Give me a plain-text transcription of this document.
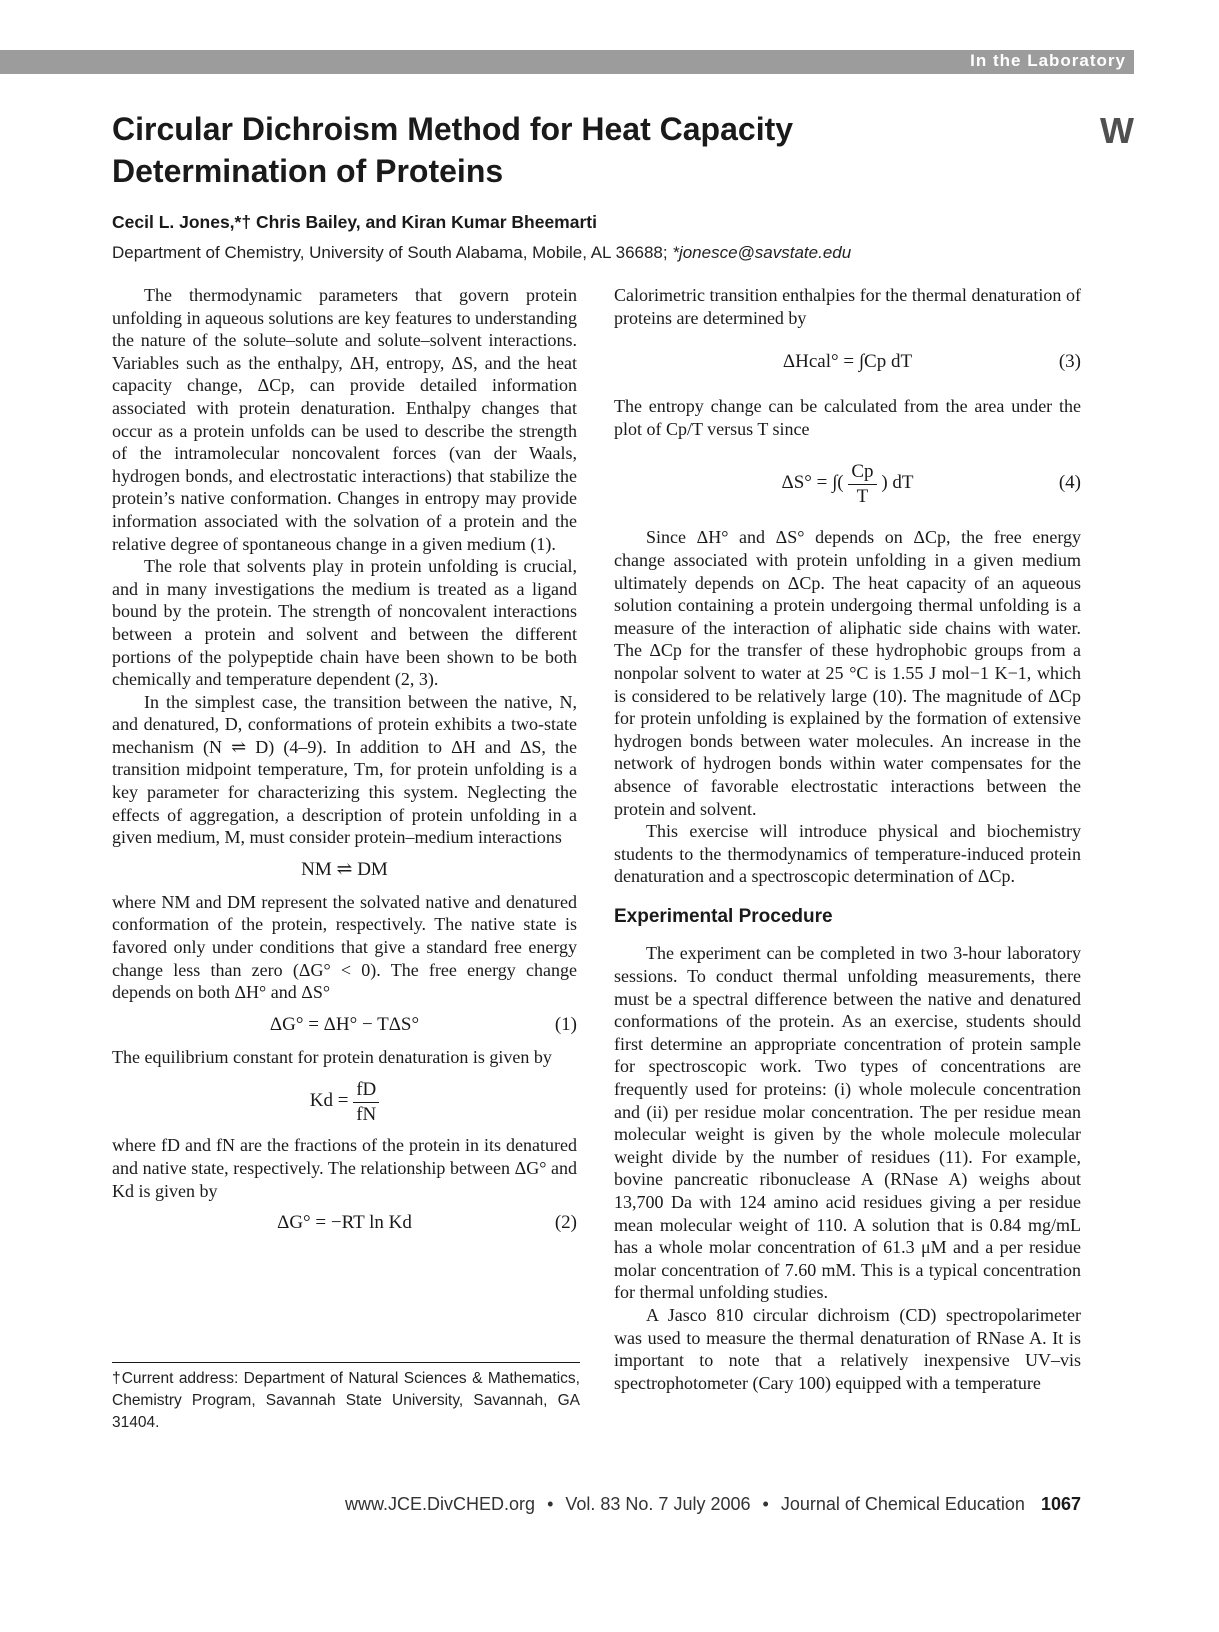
In the Laboratory
W
Circular Dichroism Method for Heat Capacity
Determination of Proteins
Cecil L. Jones,*† Chris Bailey, and Kiran Kumar Bheemarti
Department of Chemistry, University of South Alabama, Mobile, AL 36688; *jonesce@savstate.edu

The thermodynamic parameters that govern protein unfolding in aqueous solutions are key features to understanding the nature of the solute–solute and solute–solvent interactions. Variables such as the enthalpy, ΔH, entropy, ΔS, and the heat capacity change, ΔCp, can provide detailed information associated with protein denaturation. Enthalpy changes that occur as a protein unfolds can be used to describe the strength of the intramolecular noncovalent forces (van der Waals, hydrogen bonds, and electrostatic interactions) that stabilize the protein’s native conformation. Changes in entropy may provide information associated with the solvation of a protein and the relative degree of spontaneous change in a given medium (1).

The role that solvents play in protein unfolding is crucial, and in many investigations the medium is treated as a ligand bound by the protein. The strength of noncovalent interactions between a protein and solvent and between the different portions of the polypeptide chain have been shown to be both chemically and temperature dependent (2, 3).

In the simplest case, the transition between the native, N, and denatured, D, conformations of protein exhibits a two-state mechanism (N ⇌ D) (4–9). In addition to ΔH and ΔS, the transition midpoint temperature, Tm, for protein unfolding is a key parameter for characterizing this system. Neglecting the effects of aggregation, a description of protein unfolding in a given medium, M, must consider protein–medium interactions

NM ⇌ DM

where NM and DM represent the solvated native and denatured conformation of the protein, respectively. The native state is favored only under conditions that give a standard free energy change less than zero (ΔG° < 0). The free energy change depends on both ΔH° and ΔS°

ΔG° = ΔH° − TΔS°	(1)

The equilibrium constant for protein denaturation is given by

$Kd = \frac{fD}{fN}$

where fD and fN are the fractions of the protein in its denatured and native state, respectively. The relationship between ΔG° and Kd is given by

ΔG° = −RT ln Kd	(2)
†Current address: Department of Natural Sciences & Mathematics, Chemistry Program, Savannah State University, Savannah, GA 31404.

Calorimetric transition enthalpies for the thermal denaturation of proteins are determined by

ΔHcal° = ∫Cp dT	(3)

The entropy change can be calculated from the area under the plot of Cp/T versus T since

ΔS° = ∫( $\frac{Cp}{T}$ ) dT	(4)

Since ΔH° and ΔS° depends on ΔCp, the free energy change associated with protein unfolding in a given medium ultimately depends on ΔCp. The heat capacity of an aqueous solution containing a protein undergoing thermal unfolding is a measure of the interaction of aliphatic side chains with water. The ΔCp for the transfer of these hydrophobic groups from a nonpolar solvent to water at 25 °C is 1.55 J mol−1 K−1, which is considered to be relatively large (10). The magnitude of ΔCp for protein unfolding is explained by the formation of extensive hydrogen bonds between water molecules. An increase in the network of hydrogen bonds within water compensates for the absence of favorable electrostatic interactions between the protein and solvent.

This exercise will introduce physical and biochemistry students to the thermodynamics of temperature-induced protein denaturation and a spectroscopic determination of ΔCp.

Experimental Procedure

The experiment can be completed in two 3-hour laboratory sessions. To conduct thermal unfolding measurements, there must be a spectral difference between the native and denatured conformations of the protein. As an exercise, students should first determine an appropriate concentration of protein sample for spectroscopic work. Two types of concentrations are frequently used for proteins: (i) whole molecule concentration and (ii) per residue molar concentration. The per residue mean molecular weight is given by the whole molecule molecular weight divide by the number of residues (11). For example, bovine pancreatic ribonuclease A (RNase A) weighs about 13,700 Da with 124 amino acid residues giving a per residue mean molecular weight of 110. A solution that is 0.84 mg/mL has a whole molar concentration of 61.3 μM and a per residue molar concentration of 7.60 mM. This is a typical concentration for thermal unfolding studies.

A Jasco 810 circular dichroism (CD) spectropolarimeter was used to measure the thermal denaturation of RNase A. It is important to note that a relatively inexpensive UV–vis spectrophotometer (Cary 100) equipped with a temperature

www.JCE.DivCHED.org • Vol. 83 No. 7 July 2006 • Journal of Chemical Education 1067
